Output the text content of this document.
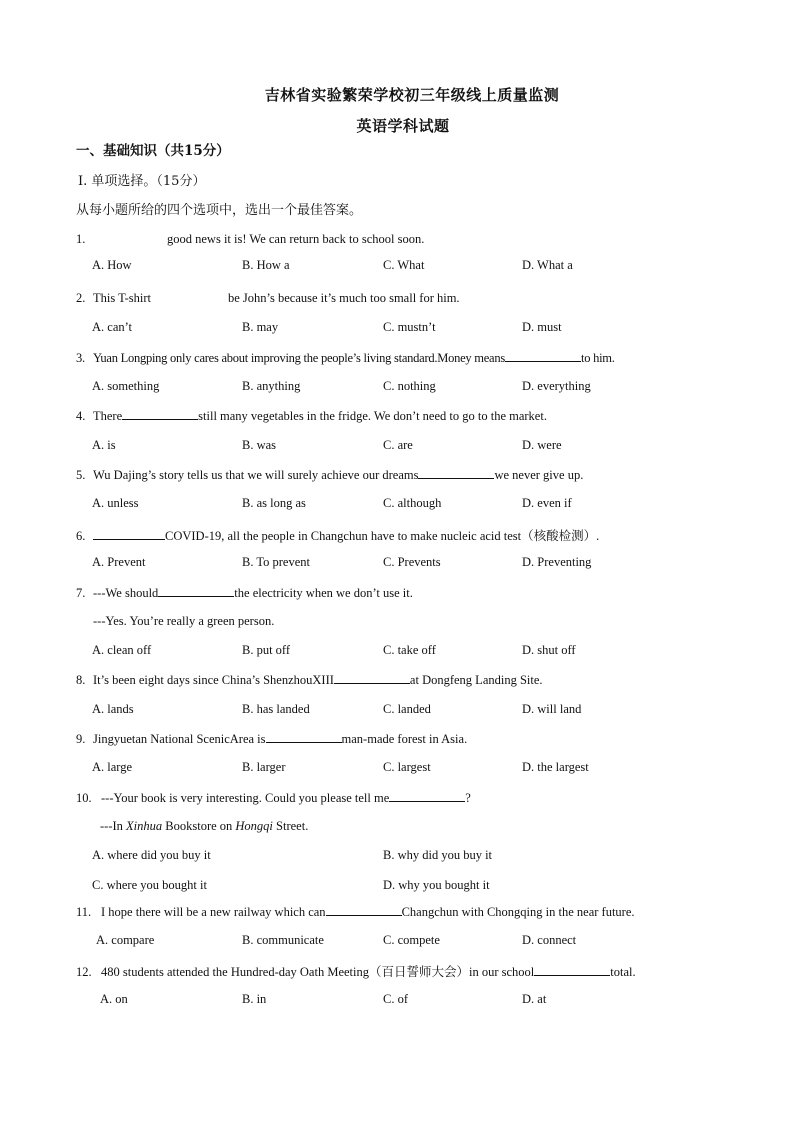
吉林省实验繁荣学校初三年级线上质量监测
英语学科试题
一、基础知识（共15分）
Ⅰ. 单项选择。（15分）
从每小题所给的四个选项中，选出一个最佳答案。
1.	good news it is! We can return back to school soon.
A. How	B. How a	C. What	D. What a
2. This T-shirt	be John’s because it’s much too small for him.
A. can’t	B. may	C. mustn’t	D. must
3. Yuan Longping only cares about improving the people’s living standard.Money means	to him.
A. something	B. anything	C. nothing	D. everything
4. There	still many vegetables in the fridge. We don’t need to go to the market.
A. is	B. was	C. are	D. were
5. Wu Dajing’s story tells us that we will surely achieve our dreams	we never give up.
A. unless	B. as long as	C. although	D. even if
6.	COVID-19, all the people in Changchun have to make nucleic acid test（核酸检测）.
A. Prevent	B. To prevent	C. Prevents	D. Preventing
7. ---We should	the electricity when we don’t use it.
---Yes. You’re really a green person.
A. clean off	B. put off	C. take off	D. shut off
8. It’s been eight days since China’s ShenzhouXIII	at Dongfeng Landing Site.
A. lands	B. has landed	C. landed	D. will land
9. Jingyuetan National ScenicArea is	man-made forest in Asia.
A. large	B. larger	C. largest	D. the largest
10. ---Your book is very interesting. Could you please tell me	?
---In Xinhua Bookstore on Hongqi Street.
A. where did you buy it	B. why did you buy it
C. where you bought it	D. why you bought it
11. I hope there will be a new railway which can	Changchun with Chongqing in the near future.
A. compare	B. communicate	C. compete	D. connect
12. 480 students attended the Hundred-day Oath Meeting（百日誓师大会）in our school	total.
A. on	B. in	C. of	D. at
